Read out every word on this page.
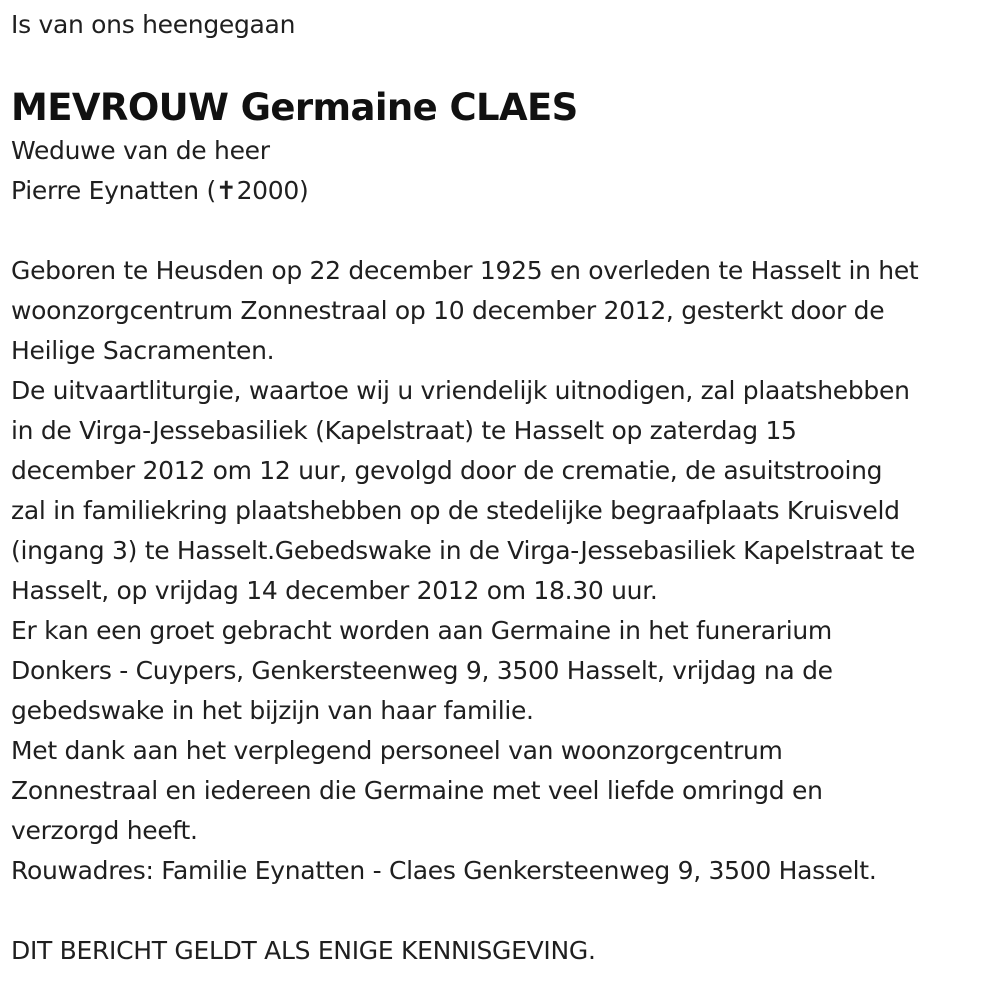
Is van ons heengegaan
MEVROUW Germaine CLAES
Weduwe van de heer
Pierre Eynatten (✝2000)
Geboren te Heusden op 22 december 1925 en overleden te Hasselt in het
woonzorgcentrum Zonnestraal op 10 december 2012, gesterkt door de
Heilige Sacramenten.
De uitvaartliturgie, waartoe wij u vriendelijk uitnodigen, zal plaatshebben
in de Virga-Jessebasiliek (Kapelstraat) te Hasselt op zaterdag 15
december 2012 om 12 uur, gevolgd door de crematie, de asuitstrooing
zal in familiekring plaatshebben op de stedelijke begraafplaats Kruisveld
(ingang 3) te Hasselt.Gebedswake in de Virga-Jessebasiliek Kapelstraat te
Hasselt, op vrijdag 14 december 2012 om 18.30 uur.
Er kan een groet gebracht worden aan Germaine in het funerarium
Donkers - Cuypers, Genkersteenweg 9, 3500 Hasselt, vrijdag na de
gebedswake in het bijzijn van haar familie.
Met dank aan het verplegend personeel van woonzorgcentrum
Zonnestraal en iedereen die Germaine met veel liefde omringd en
verzorgd heeft.
Rouwadres: Familie Eynatten - Claes Genkersteenweg 9, 3500 Hasselt.
DIT BERICHT GELDT ALS ENIGE KENNISGEVING.
